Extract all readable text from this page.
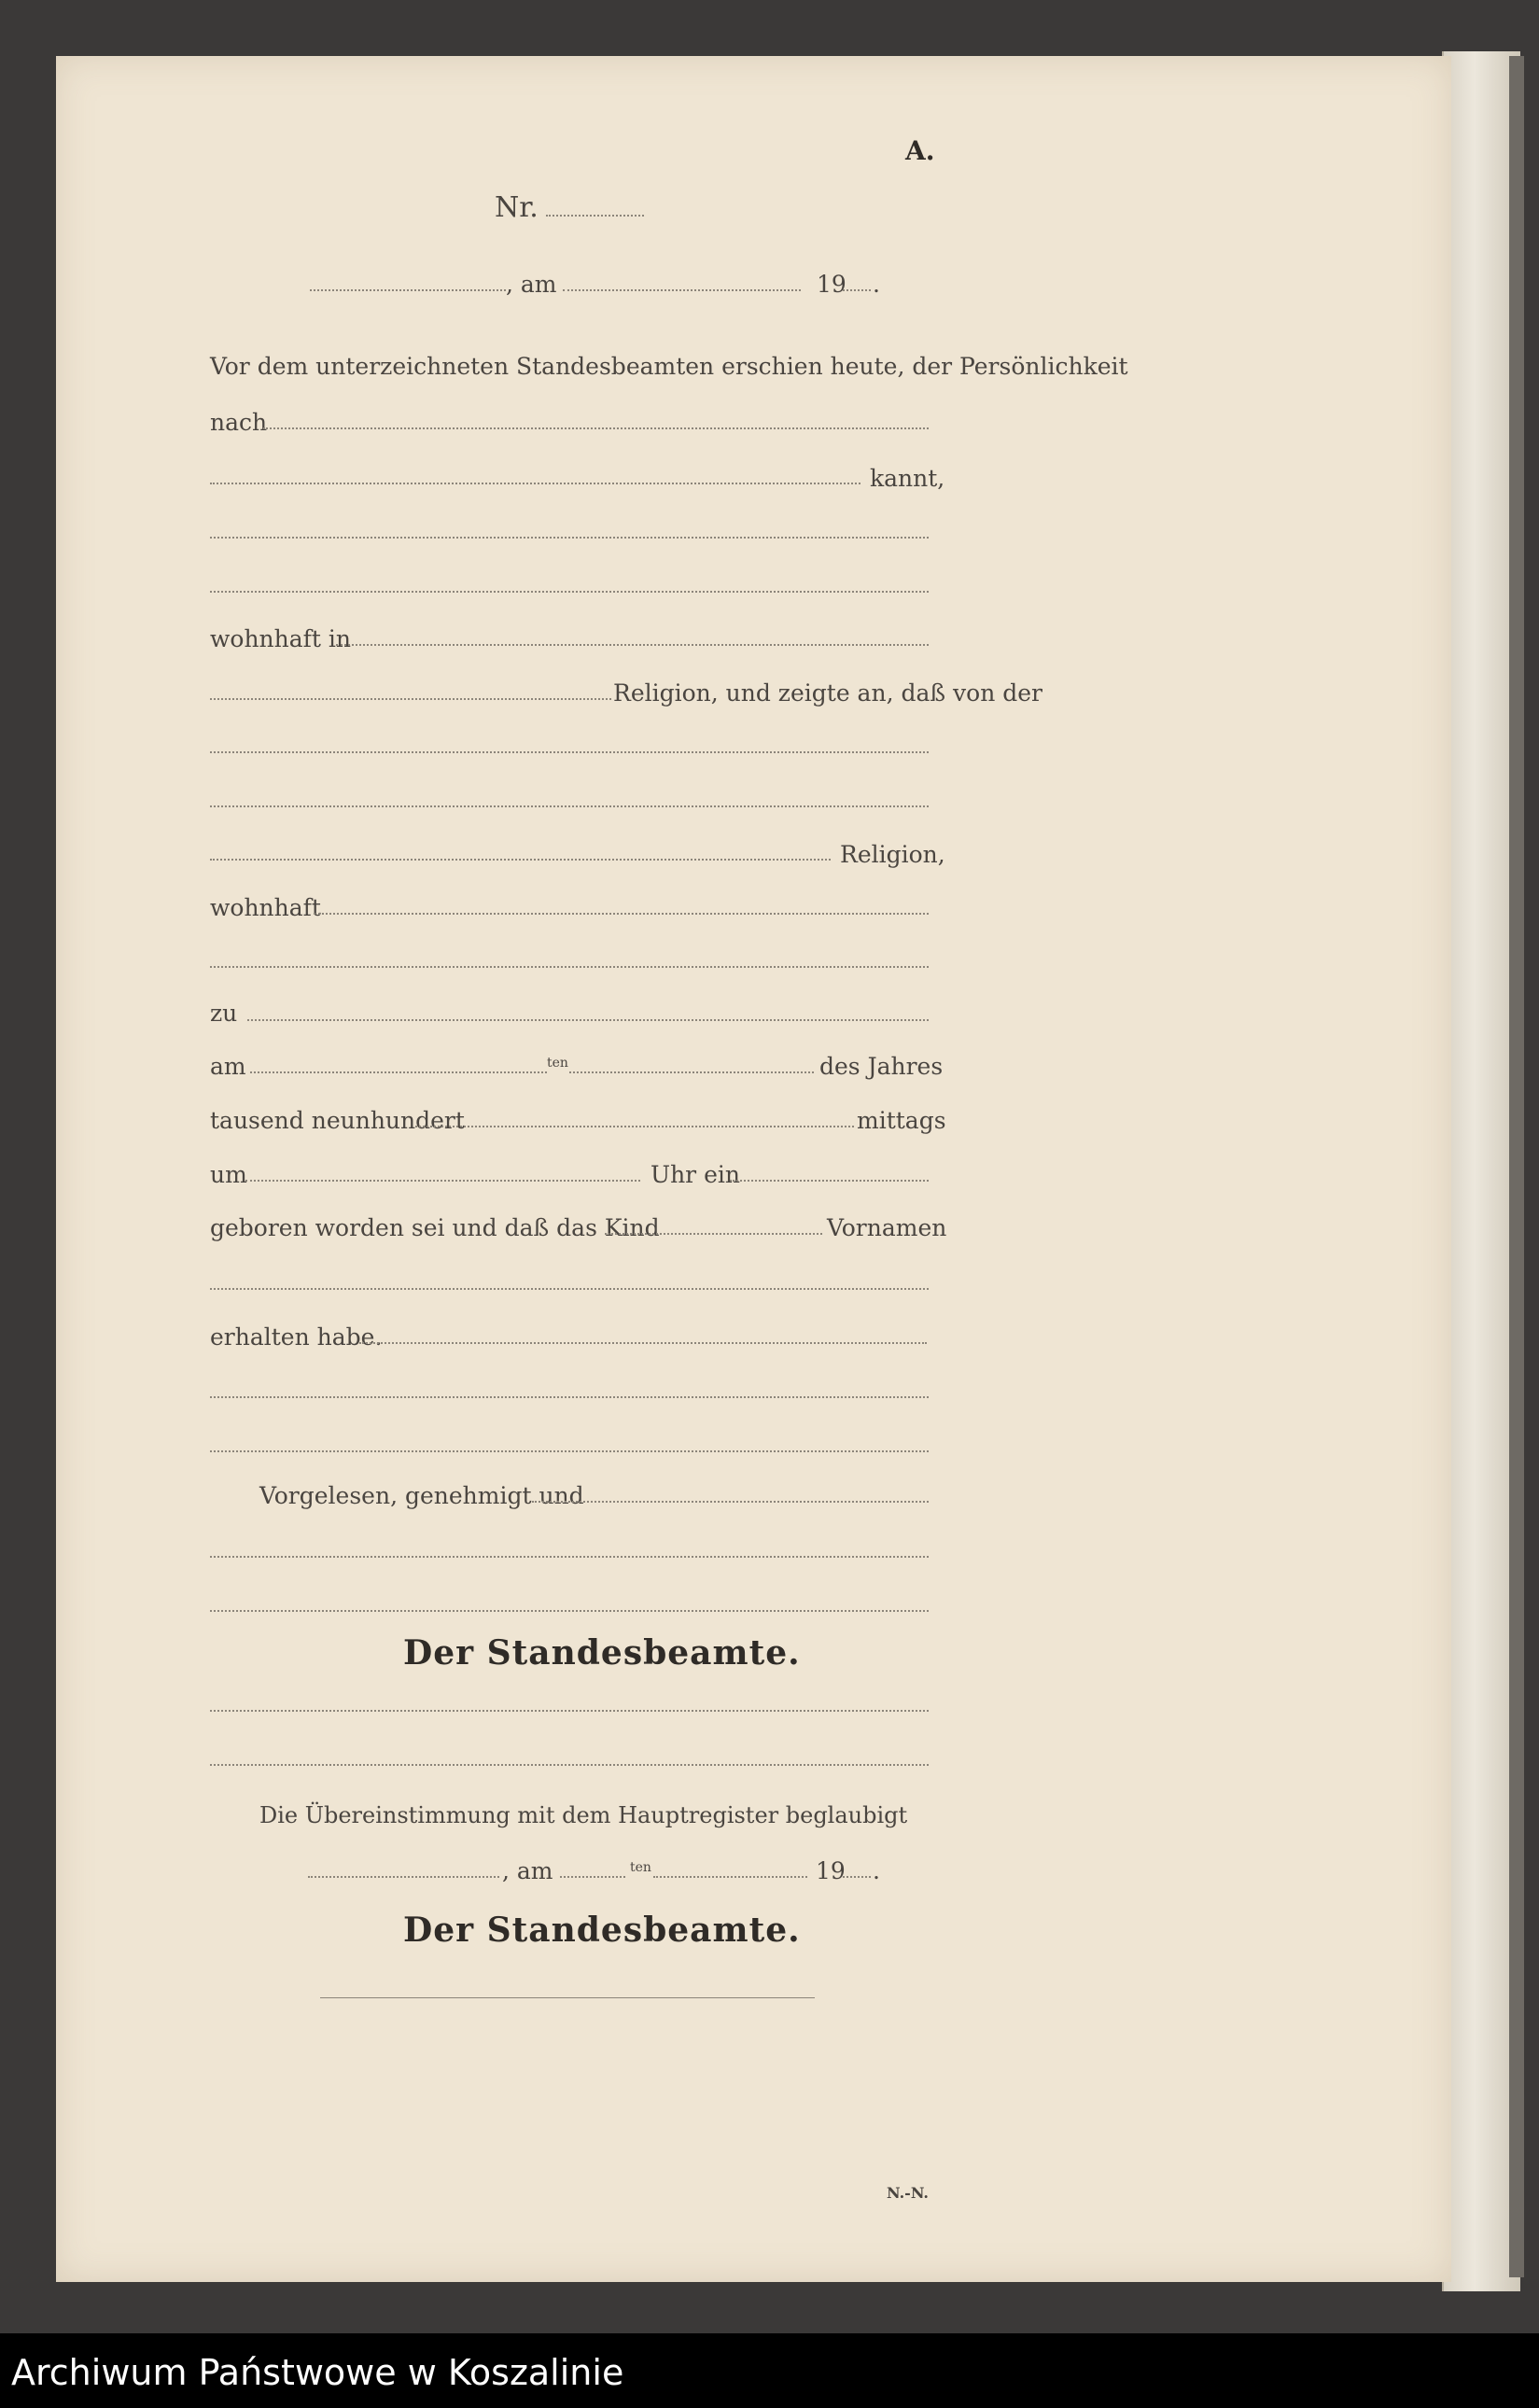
A.
Nr.
, am	19 .
Vor dem unterzeichneten Standesbeamten erschien heute, der Persönlichkeit
nach
kannt,
wohnhaft in
Religion, und zeigte an, daß von der
Religion,
wohnhaft
zu
am	ten	des Jahres
tausend neunhundert	mittags
um	Uhr ein
geboren worden sei und daß das Kind	Vornamen
erhalten habe.
Vorgelesen, genehmigt und
Der Standesbeamte.
Die Übereinstimmung mit dem Hauptregister beglaubigt
, am	ten	19 .
Der Standesbeamte.
N.-N.
Archiwum Państwowe w Koszalinie
